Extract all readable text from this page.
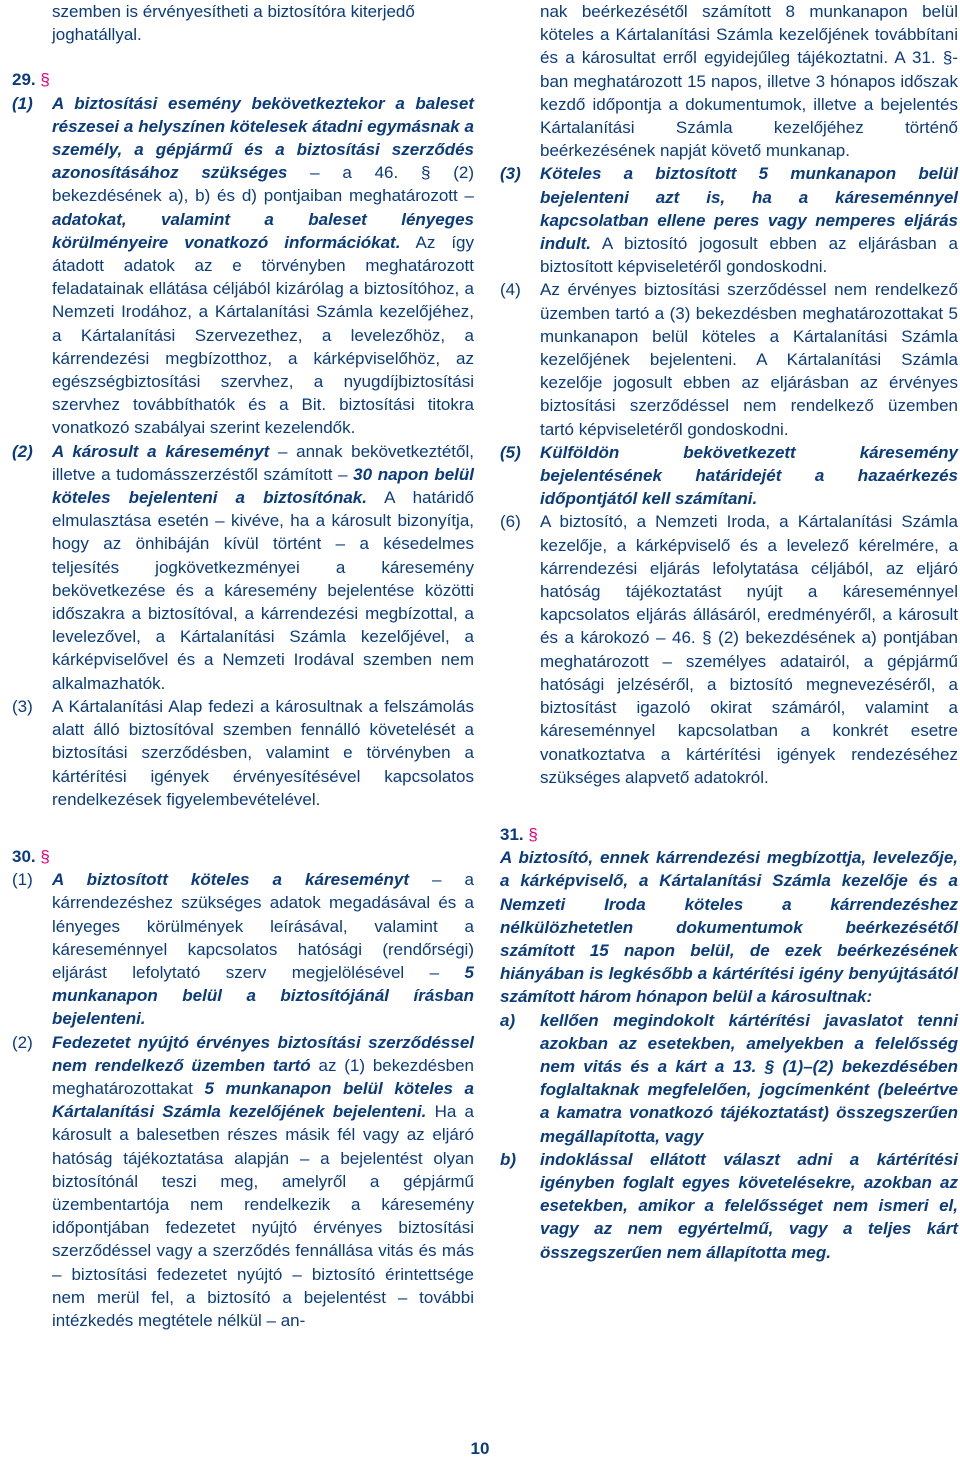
szemben is érvényesítheti a biztosítóra kiterjedő
joghatállyal.

29. §

(1) A biztosítási esemény bekövetkeztekor a baleset részesei a helyszínen kötelesek átadni egymásnak a személy, a gépjármű és a biztosítási szerződés azonosításához szükséges – a 46. § (2) bekezdésének a), b) és d) pontjaiban meghatározott – adatokat, valamint a baleset lényeges körülményeire vonatkozó információkat. Az így átadott adatok az e törvényben meghatározott feladatainak ellátása céljából kizárólag a biztosítóhoz, a Nemzeti Irodához, a Kártalanítási Számla kezelőjéhez, a Kártalanítási Szervezethez, a levelezőhöz, a kárrendezési megbízotthoz, a kárképviselőhöz, az egészségbiztosítási szervhez, a nyugdíjbiztosítási szervhez továbbíthatók és a Bit. biztosítási titokra vonatkozó szabályai szerint kezelendők.
(2) A károsult a káreseményt – annak bekövetkeztétől, illetve a tudomásszerzéstől számított – 30 napon belül köteles bejelenteni a biztosítónak. A határidő elmulasztása esetén – kivéve, ha a károsult bizonyítja, hogy az önhibáján kívül történt – a késedelmes teljesítés jogkövetkezményei a káresemény bekövetkezése és a káresemény bejelentése közötti időszakra a biztosítóval, a kárrendezési megbízottal, a levelezővel, a Kártalanítási Számla kezelőjével, a kárképviselővel és a Nemzeti Irodával szemben nem alkalmazhatók.
(3) A Kártalanítási Alap fedezi a károsultnak a felszámolás alatt álló biztosítóval szemben fennálló követelését a biztosítási szerződésben, valamint e törvényben a kártérítési igények érvényesítésével kapcsolatos rendelkezések figyelembevételével.

30. §

(1) A biztosított köteles a káreseményt – a kárrendezéshez szükséges adatok megadásával és a lényeges körülmények leírásával, valamint a káreseménnyel kapcsolatos hatósági (rendőrségi) eljárást lefolytató szerv megjelölésével – 5 munkanapon belül a biztosítójánál írásban bejelenteni.
(2) Fedezetet nyújtó érvényes biztosítási szerződéssel nem rendelkező üzemben tartó az (1) bekezdésben meghatározottakat 5 munkanapon belül köteles a Kártalanítási Számla kezelőjének bejelenteni. Ha a károsult a balesetben részes másik fél vagy az eljáró hatóság tájékoztatása alapján – a bejelentést olyan biztosítónál teszi meg, amelyről a gépjármű üzembentartója nem rendelkezik a káresemény időpontjában fedezetet nyújtó érvényes biztosítási szerződéssel vagy a szerződés fennállása vitás és más – biztosítási fedezetet nyújtó – biztosító érintettsége nem merül fel, a biztosító a bejelentést – további intézkedés megtétele nélkül – an-

nak beérkezésétől számított 8 munkanapon belül köteles a Kártalanítási Számla kezelőjének továbbítani és a károsultat erről egyidejűleg tájékoztatni. A 31. §-ban meghatározott 15 napos, illetve 3 hónapos időszak kezdő időpontja a dokumentumok, illetve a bejelentés Kártalanítási Számla kezelőjéhez történő beérkezésének napját követő munkanap.

(3) Köteles a biztosított 5 munkanapon belül bejelenteni azt is, ha a káreseménnyel kapcsolatban ellene peres vagy nemperes eljárás indult. A biztosító jogosult ebben az eljárásban a biztosított képviseletéről gondoskodni.
(4) Az érvényes biztosítási szerződéssel nem rendelkező üzemben tartó a (3) bekezdésben meghatározottakat 5 munkanapon belül köteles a Kártalanítási Számla kezelőjének bejelenteni. A Kártalanítási Számla kezelője jogosult ebben az eljárásban az érvényes biztosítási szerződéssel nem rendelkező üzemben tartó képviseletéről gondoskodni.
(5) Külföldön bekövetkezett káresemény bejelentésének határidejét a hazaérkezés időpontjától kell számítani.
(6) A biztosító, a Nemzeti Iroda, a Kártalanítási Számla kezelője, a kárképviselő és a levelező kérelmére, a kárrendezési eljárás lefolytatása céljából, az eljáró hatóság tájékoztatást nyújt a káreseménnyel kapcsolatos eljárás állásáról, eredményéről, a károsult és a károkozó – 46. § (2) bekezdésének a) pontjában meghatározott – személyes adatairól, a gépjármű hatósági jelzéséről, a biztosító megnevezéséről, a biztosítást igazoló okirat számáról, valamint a káreseménnyel kapcsolatban a konkrét esetre vonatkoztatva a kártérítési igények rendezéséhez szükséges alapvető adatokról.

31. §

A biztosító, ennek kárrendezési megbízottja, levelezője, a kárképviselő, a Kártalanítási Számla kezelője és a Nemzeti Iroda köteles a kárrendezéshez nélkülözhetetlen dokumentumok beérkezésétől számított 15 napon belül, de ezek beérkezésének hiányában is legkésőbb a kártérítési igény benyújtásától számított három hónapon belül a károsultnak:

a) kellően megindokolt kártérítési javaslatot tenni azokban az esetekben, amelyekben a felelősség nem vitás és a kárt a 13. § (1)–(2) bekezdésében foglaltaknak megfelelően, jogcímenként (beleértve a kamatra vonatkozó tájékoztatást) összegszerűen megállapította, vagy
b) indoklással ellátott választ adni a kártérítési igényben foglalt egyes követelésekre, azokban az esetekben, amikor a felelősséget nem ismeri el, vagy az nem egyértelmű, vagy a teljes kárt összegszerűen nem állapította meg.
10
